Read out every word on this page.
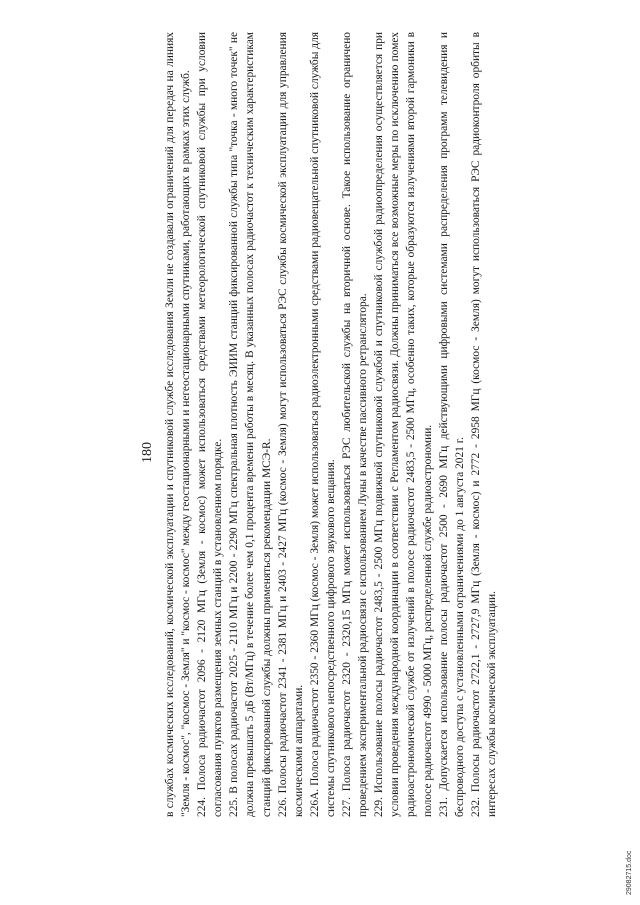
180 в службах космических исследований, космической эксплуатации и спутниковой службе исследования Земли не создавали ограничений для передач на линиях "Земля - космос", "космос - Земля" и "космос - космос" между геостационарными и негеостационарными спутниками, работающих в рамках этих служб. 224. Полоса радиочастот 2096 - 2120 МГц (Земля - космос) может использоваться средствами метеорологической спутниковой службы при условии согласования пунктов размещения земных станций в установленном порядке. 225. В полосах радиочастот 2025 - 2110 МГц и 2200 - 2290 МГц спектральная плотность ЭИИМ станций фиксированной службы типа "точка - много точек" не должна превышать 5 дБ (Вт/МГц) в течение более чем 0,1 процента времени работы в месяц. В указанных полосах радиочастот к техническим характеристикам станций фиксированной службы должны применяться рекомендации МСЭ-R. 226. Полосы радиочастот 2341 - 2381 МГц и 2403 - 2427 МГц (космос - Земля) могут использоваться РЭС службы космической эксплуатации для управления космическими аппаратами. 226А. Полоса радиочастот 2350 - 2360 МГц (космос - Земля) может использоваться радиоэлектронными средствами радиовещательной спутниковой службы для системы спутникового непосредственного цифрового звукового вещания. 227. Полоса радиочастот 2320 - 2320,15 МГц может использоваться РЭС любительской службы на вторичной основе. Такое использование ограничено проведением экспериментальной радиосвязи с использованием Луны в качестве пассивного ретранслятора. 229. Использование полосы радиочастот 2483,5 - 2500 МГц подвижной спутниковой службой и спутниковой службой радиоопределения осуществляется при условии проведения международной координации в соответствии с Регламентом радиосвязи. Должны приниматься все возможные меры по исключению помех радиоастрономической службе от излучений в полосе радиочастот 2483,5 - 2500 МГц, особенно таких, которые образуются излучениями второй гармоники в полосе радиочастот 4990 - 5000 МГц, распределенной службе радиоастрономии. 231. Допускается использование полосы радиочастот 2500 - 2690 МГц действующими цифровыми системами распределения программ телевидения и беспроводного доступа с установленными ограничениями до 1 августа 2021 г. 232. Полосы радиочастот 2722,1 - 2727,9 МГц (Земля - космос) и 2772 - 2958 МГц (космос - Земля) могут использоваться РЭС радиоконтроля орбиты в интересах службы космической эксплуатации.

29082715.doc
